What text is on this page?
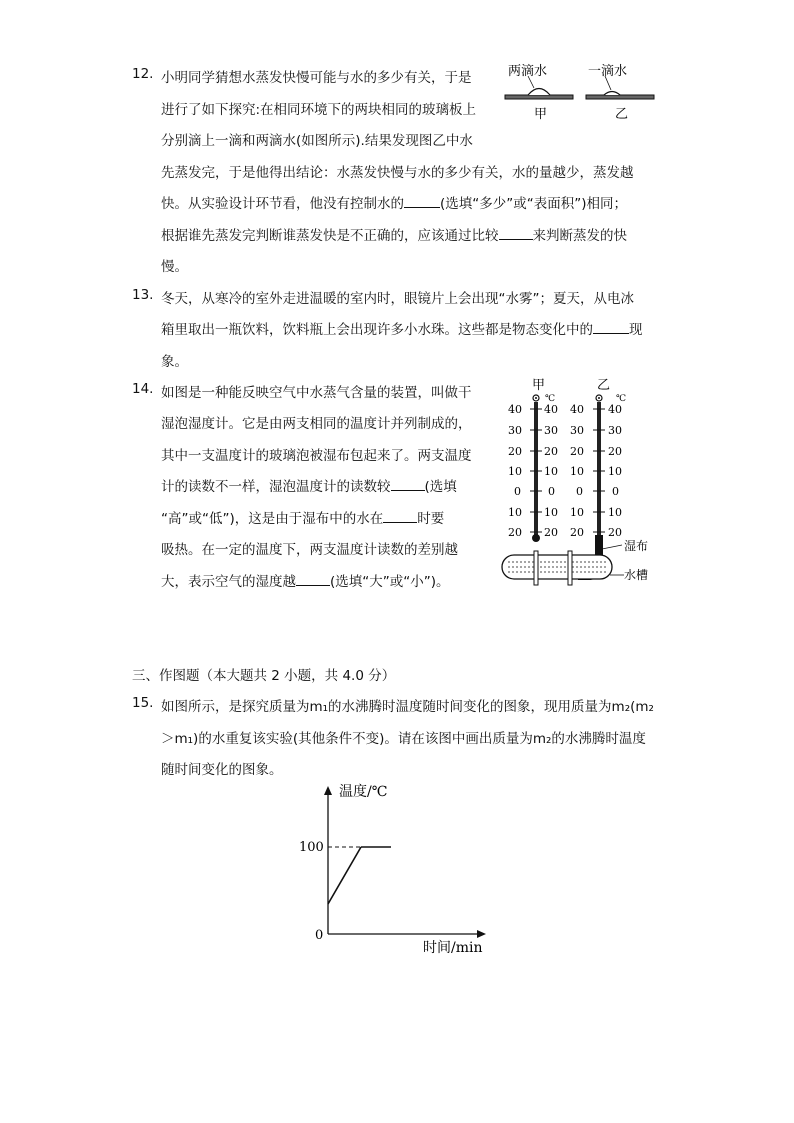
12. 小明同学猜想水蒸发快慢可能与水的多少有关，于是
进行了如下探究:在相同环境下的两块相同的玻璃板上
分别滴上一滴和两滴水(如图所示).结果发现图乙中水
先蒸发完，于是他得出结论：水蒸发快慢与水的多少有关，水的量越少，蒸发越
快。从实验设计环节看，他没有控制水的	(选填“多少”或“表面积”)相同；
根据谁先蒸发完判断谁蒸发快是不正确的，应该通过比较	来判断蒸发的快
慢。
两滴水	一滴水
甲	乙
13. 冬天，从寒冷的室外走进温暖的室内时，眼镜片上会出现“水雾”；夏天，从电冰
箱里取出一瓶饮料，饮料瓶上会出现许多小水珠。这些都是物态变化中的	现
象。
14. 如图是一种能反映空气中水蒸气含量的装置，叫做干
湿泡湿度计。它是由两支相同的温度计并列制成的，
其中一支温度计的玻璃泡被湿布包起来了。两支温度
计的读数不一样，湿泡温度计的读数较	(选填
“高”或“低”)，这是由于湿布中的水在	时要
吸热。在一定的温度下，两支温度计读数的差别越
大，表示空气的湿度越	(选填“大”或“小”)。
甲	乙
℃	℃
40
30
20
10
0
10
20
40
30
20
10
0
10
20
40
30
20
10
0
10
20
40
30
20
10
0
10
20
湿布
水槽
三、作图题（本大题共 2 小题，共 4.0 分）
15. 如图所示，是探究质量为m₁的水沸腾时温度随时间变化的图象，现用质量为m₂(m₂
＞m₁)的水重复该实验(其他条件不变)。请在该图中画出质量为m₂的水沸腾时温度
随时间变化的图象。
温度/℃
时间/min
100
0
